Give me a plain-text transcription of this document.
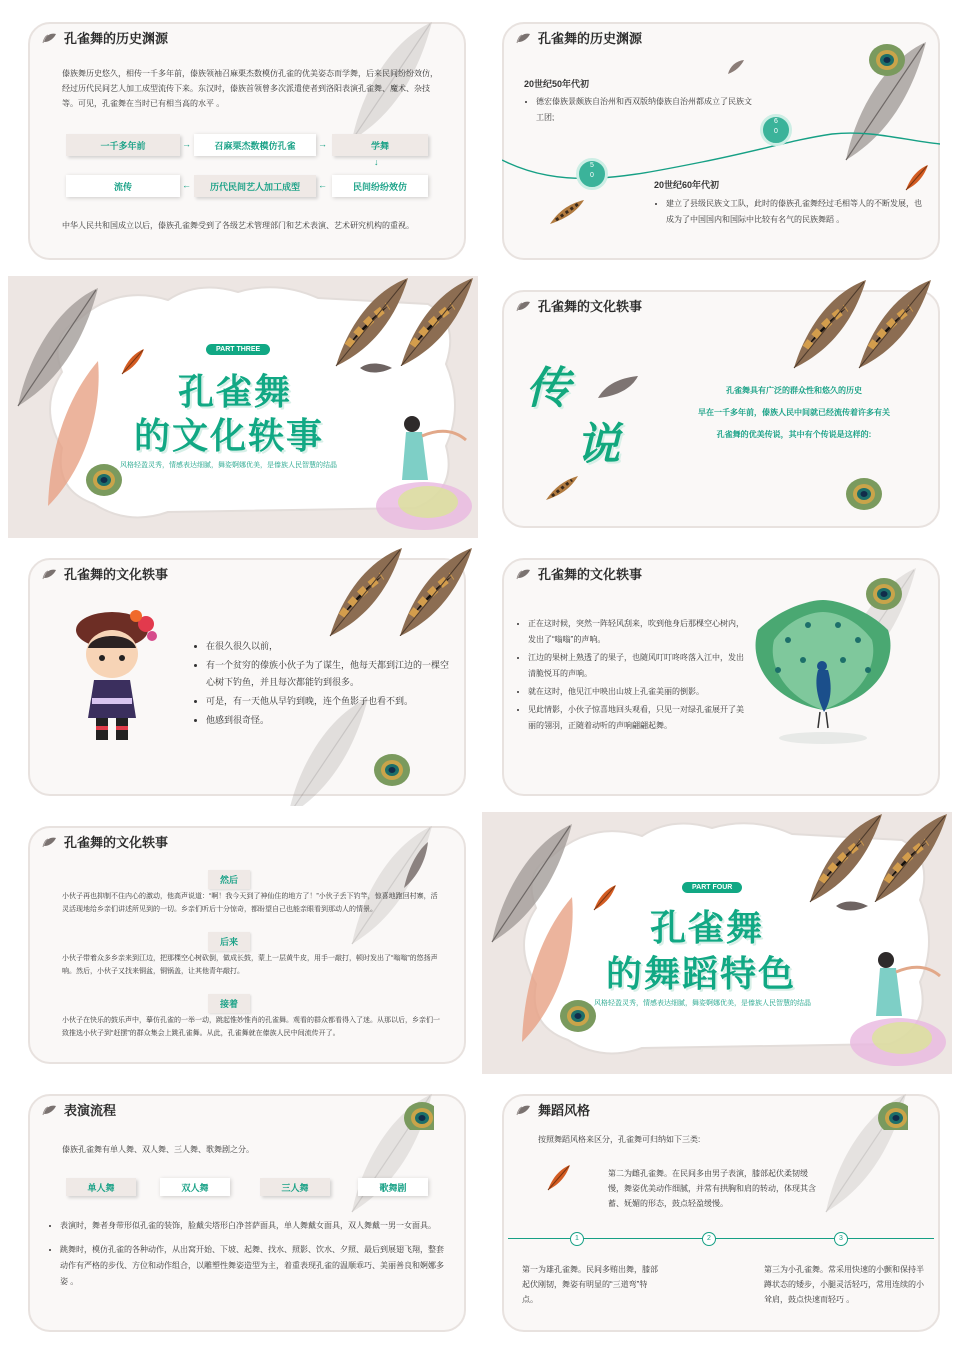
孔雀舞的历史渊源
傣族舞历史悠久，相传一千多年前，傣族领袖召麻栗杰数模仿孔雀的优美姿态而学舞，后来民间纷纷效仿，经过历代民间艺人加工成型流传下来。东汉时，傣族首领曾多次派遣使者到洛阳表演孔雀舞、魔术、杂技等。可见，孔雀舞在当时已有相当高的水平 。
一千多年前	→	召麻栗杰数模仿孔雀	→	学舞
↓
民间纷纷效仿
←
历代民间艺人加工成型
←
流传
中华人民共和国成立以后，傣族孔雀舞受到了各级艺术管理部门和艺术表演、艺术研究机构的重视。
孔雀舞的历史渊源
5
0
6
0
20世纪50年代初
• 德宏傣族景颇族自治州和西双版纳傣族自治州都成立了民族文工团;
20世纪60年代初
• 建立了县级民族文工队，此时的傣族孔雀舞经过毛相等人的不断发展，也成为了中国国内和国际中比较有名气的民族舞蹈 。
PART THREE
孔雀舞
的文化轶事
风格轻盈灵秀，情感表达细腻，舞姿婀娜优美，是傣族人民智慧的结晶
孔雀舞的文化轶事
传
说
孔雀舞具有广泛的群众性和悠久的历史
早在一千多年前，傣族人民中间就已经流传着许多有关
孔雀舞的优美传说，其中有个传说是这样的:
孔雀舞的文化轶事
• 在很久很久以前，
• 有一个贫穷的傣族小伙子为了谋生，他每天都到江边的一棵空心树下钓鱼，并且每次都能钓到很多。
• 可是，有一天他从早钓到晚，连个鱼影子也看不到。
• 他感到很奇怪。
孔雀舞的文化轶事
• 正在这时候，突然一阵轻风刮来，吹到他身后那棵空心树内，发出了“嗡嗡”的声响。
• 江边的果树上熟透了的果子，也随风叮叮咚咚落入江中，发出清脆悦耳的声响。
• 就在这时，他见江中映出山坡上孔雀美丽的倒影。
• 见此情影，小伙子惊喜地回头观看，只见一对绿孔雀展开了美丽的翎羽，正随着动听的声响翩翩起舞。
孔雀舞的文化轶事
然后
小伙子再也抑制不住内心的激动，他高声说道：“啊！我今天到了神仙住的地方了！”小伙子丢下钓竿，惊喜地跑回村寨，活灵活现地给乡亲们讲述所见到的一切。乡亲们听后十分惊奇，都盼望自己也能亲眼看到那动人的情景。
后来
小伙子带着众多乡亲来到江边，把那棵空心树砍倒，做成长鼓，蒙上一层黄牛皮，用手一敲打，顿时发出了“嗡嗡”的悠扬声响。然后，小伙子又找来铜盆，铜锅盖，让其他青年敲打。
接着
小伙子在快乐的鼓乐声中，摹仿孔雀的一举一动，跳起惟妙惟肖的孔雀舞。观看的群众都看得入了迷。从那以后，乡亲们一致推选小伙子到“赶摆”的群众集会上跳孔雀舞。从此，孔雀舞就在傣族人民中间流传开了。
PART FOUR
孔雀舞
的舞蹈特色
风格轻盈灵秀，情感表达细腻，舞姿婀娜优美，是傣族人民智慧的结晶
表演流程
傣族孔雀舞有单人舞、双人舞、三人舞、歌舞剧之分。
单人舞	双人舞	三人舞	歌舞剧
• 表演时，舞者身带形似孔雀的装饰，脸戴尖塔形白净菩萨面具，单人舞戴女面具，双人舞戴一男一女面具。
• 跳舞时，模仿孔雀的各种动作，从出窝开始、下坡、起舞、找水、照影、饮水、夕照、最后到展翅飞翔，整套动作有严格的步伐、方位和动作组合，以雕塑性舞姿造型为主，着重表现孔雀的温顺乖巧、美丽善良和婀娜多姿 。
舞蹈风格
按照舞蹈风格来区分，孔雀舞可归纳如下三类:
第二为雌孔雀舞。在民间多由男子表演，膝部起伏柔韧缓慢，舞姿优美动作细腻，并常有拱胸和肩的转动，体现其含蓄、妩媚的形态，鼓点轻盈缓慢。
1	2	3
第一为雄孔雀舞。民间多贿出舞，膝部起伏刚韧，舞姿有明显的“三道弯”特点。
第三为小孔雀舞。常采用快速的小颤和保持半蹲状态的矮步，小腿灵活轻巧，常用连续的小耸肩，鼓点快速而轻巧 。
